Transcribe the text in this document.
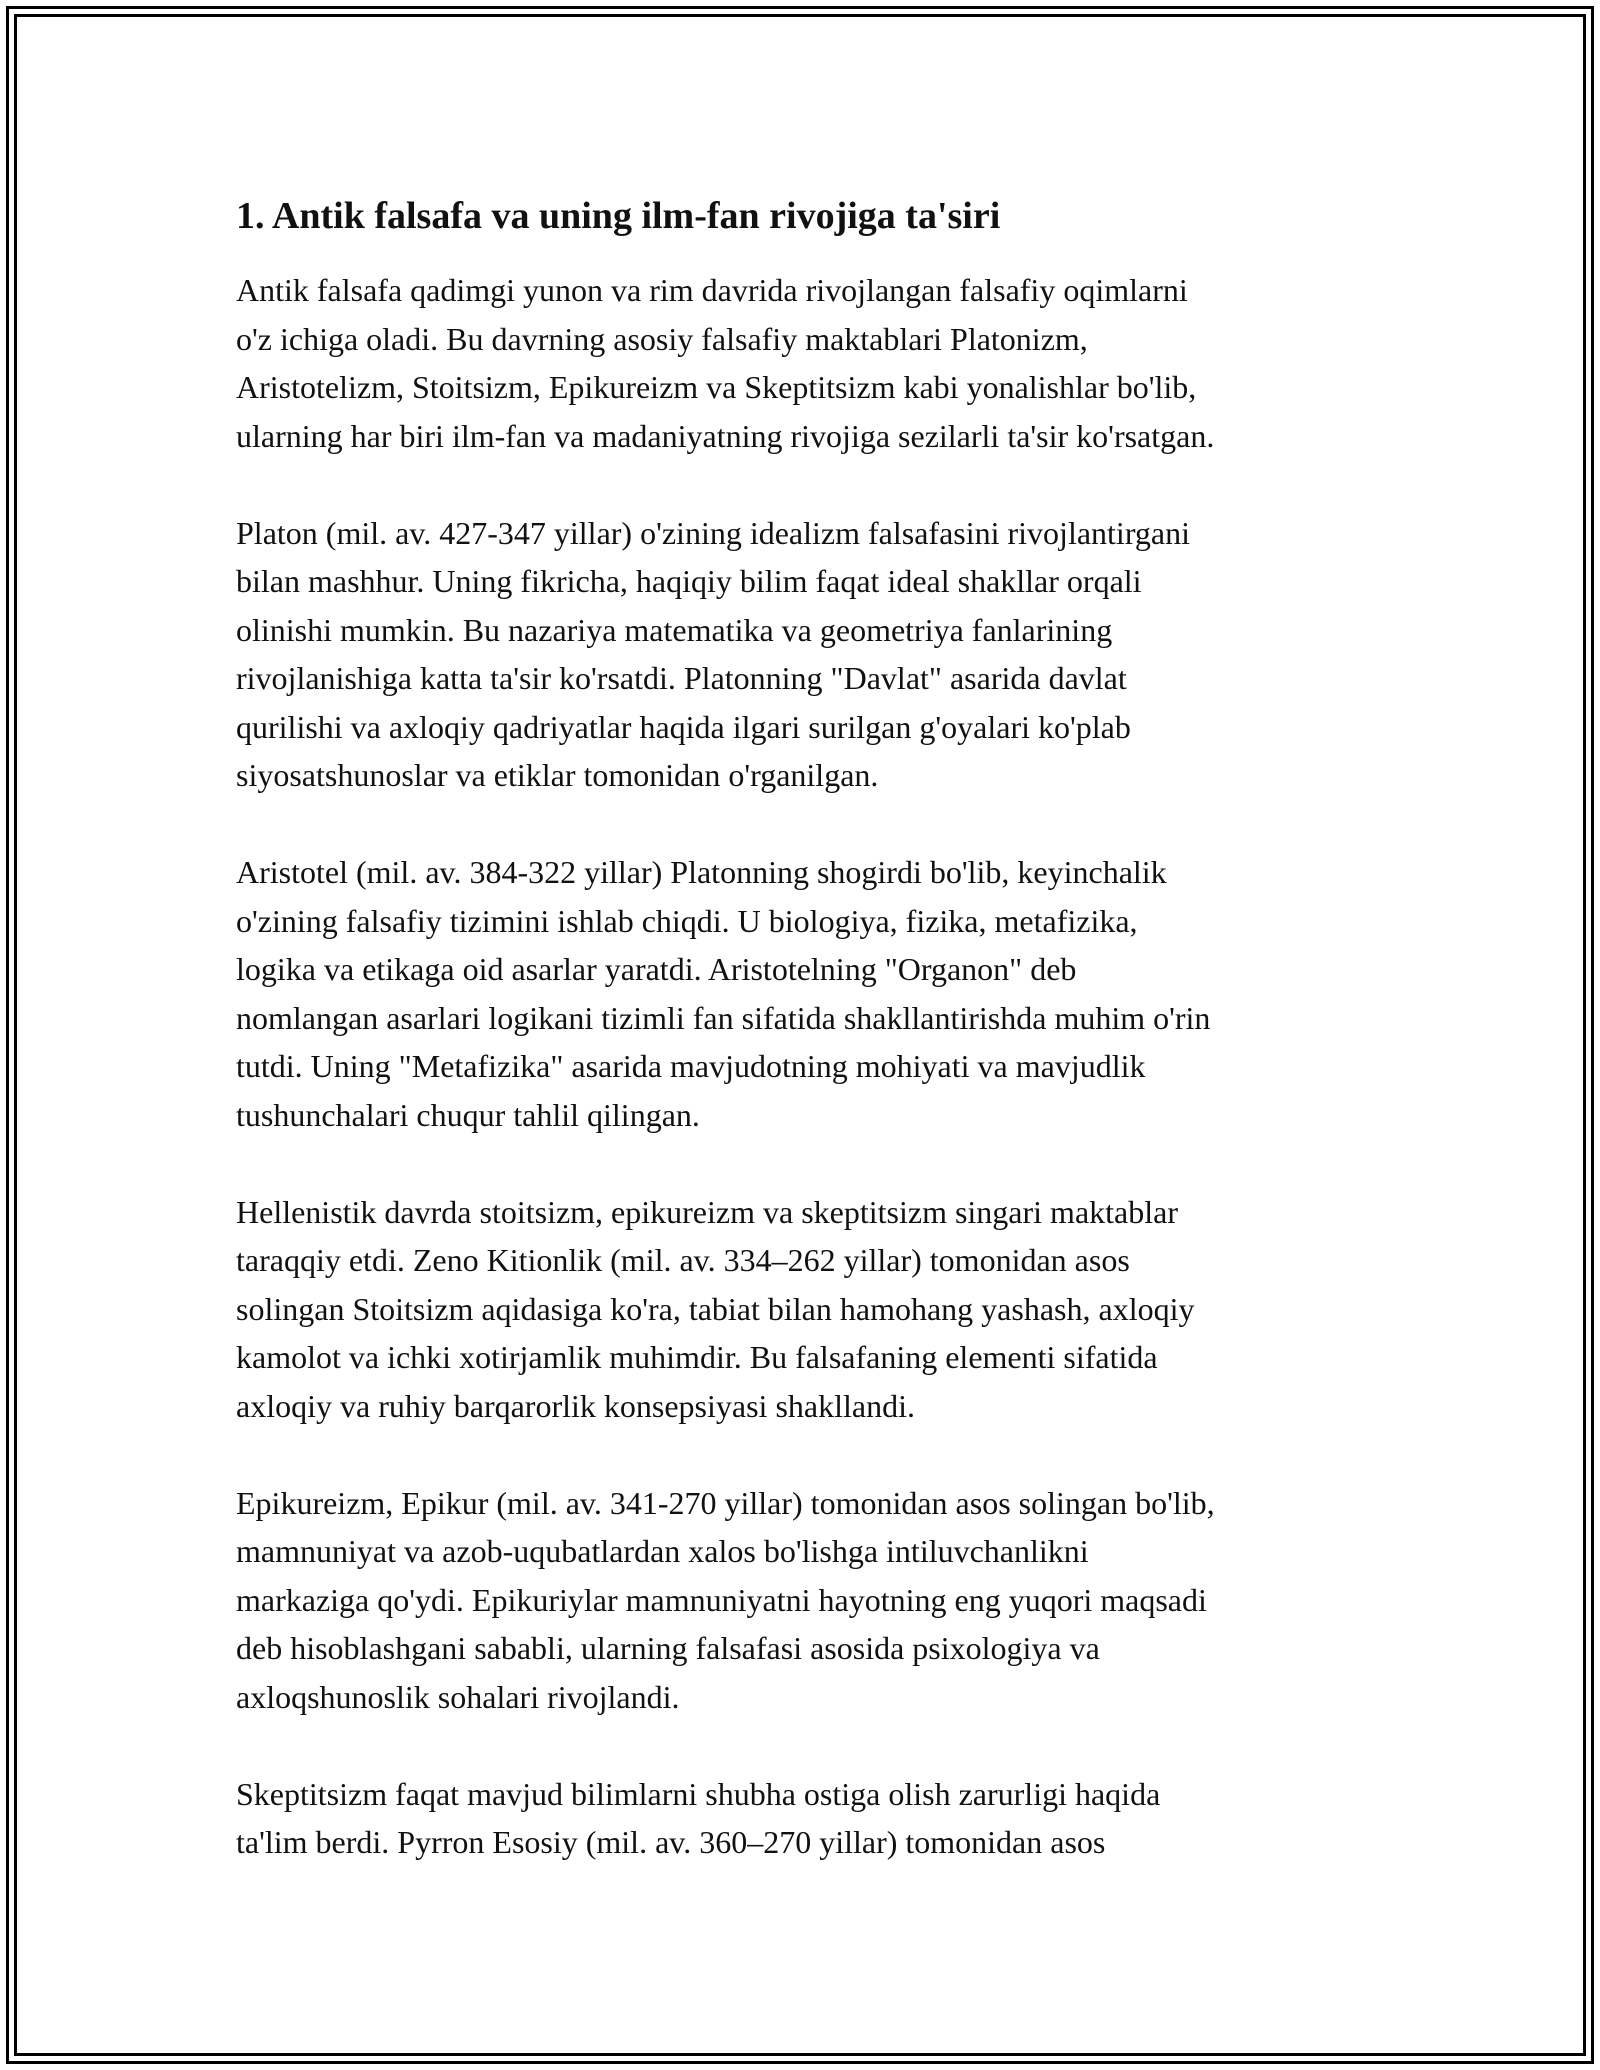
1. Antik falsafa va uning ilm-fan rivojiga ta'siri
Antik falsafa qadimgi yunon va rim davrida rivojlangan falsafiy oqimlarni
o'z ichiga oladi. Bu davrning asosiy falsafiy maktablari Platonizm,
Aristotelizm, Stoitsizm, Epikureizm va Skeptitsizm kabi yonalishlar bo'lib,
ularning har biri ilm-fan va madaniyatning rivojiga sezilarli ta'sir ko'rsatgan.
Platon (mil. av. 427-347 yillar) o'zining idealizm falsafasini rivojlantirgani
bilan mashhur. Uning fikricha, haqiqiy bilim faqat ideal shakllar orqali
olinishi mumkin. Bu nazariya matematika va geometriya fanlarining
rivojlanishiga katta ta'sir ko'rsatdi. Platonning "Davlat" asarida davlat
qurilishi va axloqiy qadriyatlar haqida ilgari surilgan g'oyalari ko'plab
siyosatshunoslar va etiklar tomonidan o'rganilgan.
Aristotel (mil. av. 384-322 yillar) Platonning shogirdi bo'lib, keyinchalik
o'zining falsafiy tizimini ishlab chiqdi. U biologiya, fizika, metafizika,
logika va etikaga oid asarlar yaratdi. Aristotelning "Organon" deb
nomlangan asarlari logikani tizimli fan sifatida shakllantirishda muhim o'rin
tutdi. Uning "Metafizika" asarida mavjudotning mohiyati va mavjudlik
tushunchalari chuqur tahlil qilingan.
Hellenistik davrda stoitsizm, epikureizm va skeptitsizm singari maktablar
taraqqiy etdi. Zeno Kitionlik (mil. av. 334–262 yillar) tomonidan asos
solingan Stoitsizm aqidasiga ko'ra, tabiat bilan hamohang yashash, axloqiy
kamolot va ichki xotirjamlik muhimdir. Bu falsafaning elementi sifatida
axloqiy va ruhiy barqarorlik konsepsiyasi shakllandi.
Epikureizm, Epikur (mil. av. 341-270 yillar) tomonidan asos solingan bo'lib,
mamnuniyat va azob-uqubatlardan xalos bo'lishga intiluvchanlikni
markaziga qo'ydi. Epikuriylar mamnuniyatni hayotning eng yuqori maqsadi
deb hisoblashgani sababli, ularning falsafasi asosida psixologiya va
axloqshunoslik sohalari rivojlandi.
Skeptitsizm faqat mavjud bilimlarni shubha ostiga olish zarurligi haqida
ta'lim berdi. Pyrron Esosiy (mil. av. 360–270 yillar) tomonidan asos
